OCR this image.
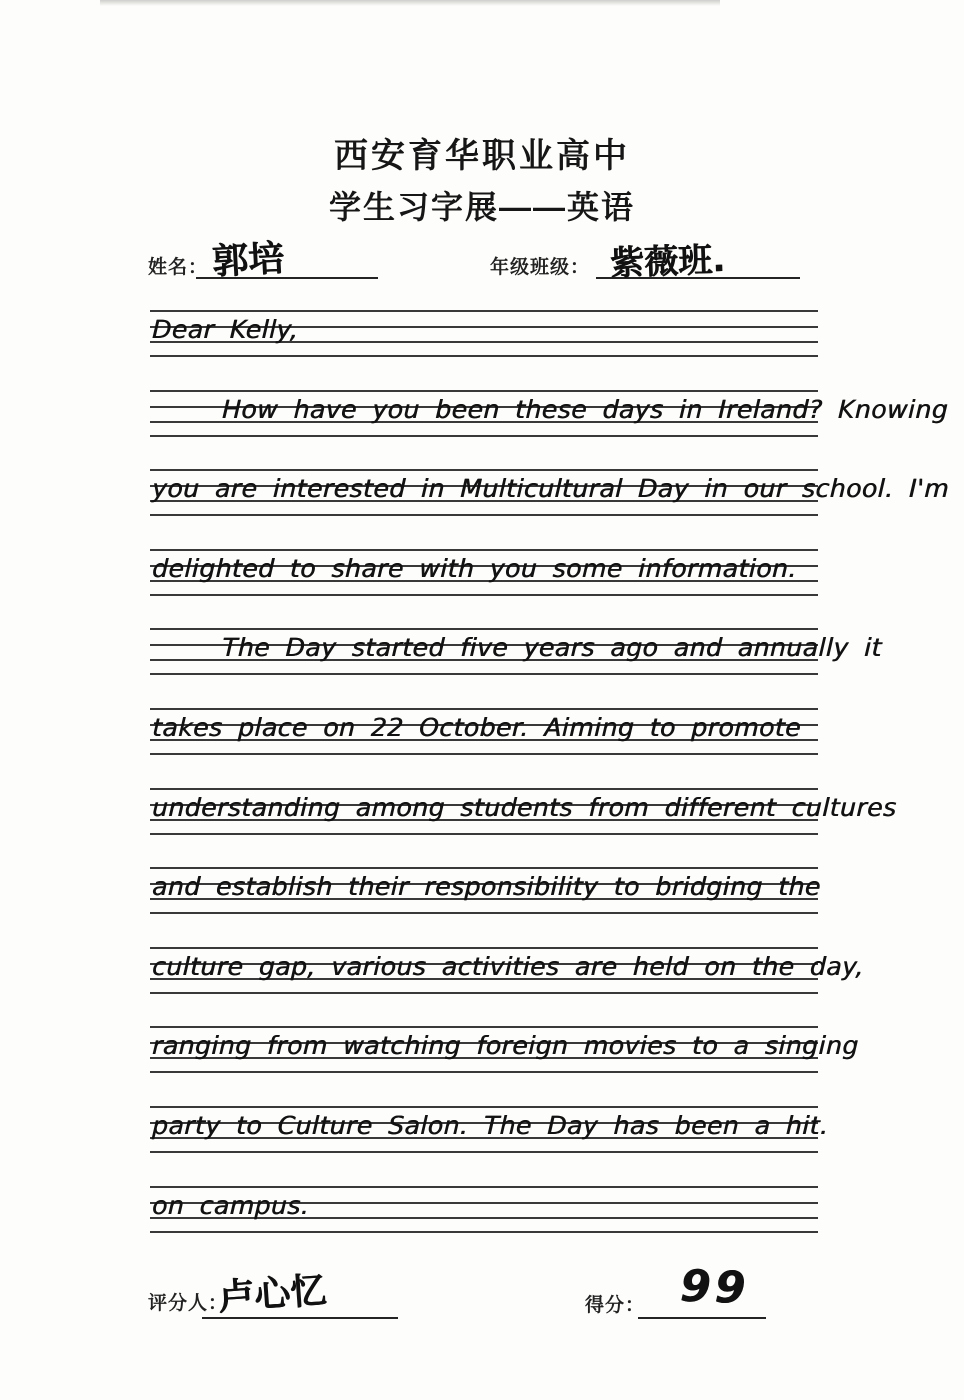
西安育华职业高中
学生习字展——英语
姓名： 郭培	年级班级： 紫薇班.
Dear Kelly,
How have you been these days in Ireland? Knowing
you are interested in Multicultural Day in our school. I'm
delighted to share with you some information.
The Day started five years ago and annually it
takes place on 22 October. Aiming to promote
understanding among students from different cultures
and establish their responsibility to bridging the
culture gap, various activities are held on the day,
ranging from watching foreign movies to a singing
party to Culture Salon. The Day has been a hit.
on campus.
评分人：
卢心忆	得分： 99
